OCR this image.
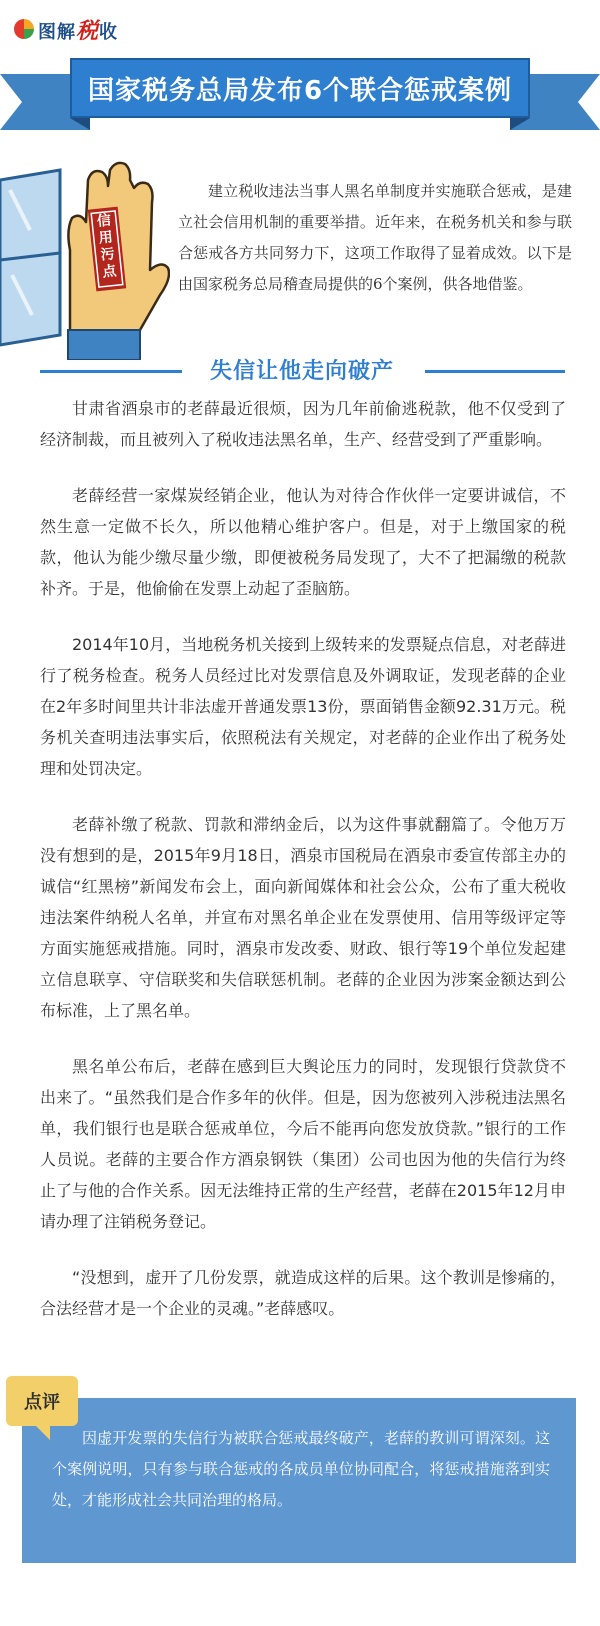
图解税收
国家税务总局发布6个联合惩戒案例
信用污点
建立税收违法当事人黑名单制度并实施联合惩戒，是建立社会信用机制的重要举措。近年来，在税务机关和参与联合惩戒各方共同努力下，这项工作取得了显着成效。以下是由国家税务总局稽查局提供的6个案例，供各地借鉴。
失信让他走向破产

甘肃省酒泉市的老薛最近很烦，因为几年前偷逃税款，他不仅受到了经济制裁，而且被列入了税收违法黑名单，生产、经营受到了严重影响。

老薛经营一家煤炭经销企业，他认为对待合作伙伴一定要讲诚信，不然生意一定做不长久，所以他精心维护客户。但是，对于上缴国家的税款，他认为能少缴尽量少缴，即便被税务局发现了，大不了把漏缴的税款补齐。于是，他偷偷在发票上动起了歪脑筋。

2014年10月，当地税务机关接到上级转来的发票疑点信息，对老薛进行了税务检查。税务人员经过比对发票信息及外调取证，发现老薛的企业在2年多时间里共计非法虚开普通发票13份，票面销售金额92.31万元。税务机关查明违法事实后，依照税法有关规定，对老薛的企业作出了税务处理和处罚决定。

老薛补缴了税款、罚款和滞纳金后，以为这件事就翻篇了。令他万万没有想到的是，2015年9月18日，酒泉市国税局在酒泉市委宣传部主办的诚信“红黑榜”新闻发布会上，面向新闻媒体和社会公众，公布了重大税收违法案件纳税人名单，并宣布对黑名单企业在发票使用、信用等级评定等方面实施惩戒措施。同时，酒泉市发改委、财政、银行等19个单位发起建立信息联享、守信联奖和失信联惩机制。老薛的企业因为涉案金额达到公布标准，上了黑名单。

黑名单公布后，老薛在感到巨大舆论压力的同时，发现银行贷款贷不出来了。“虽然我们是合作多年的伙伴。但是，因为您被列入涉税违法黑名单，我们银行也是联合惩戒单位，今后不能再向您发放贷款。”银行的工作人员说。老薛的主要合作方酒泉钢铁（集团）公司也因为他的失信行为终止了与他的合作关系。因无法维持正常的生产经营，老薛在2015年12月申请办理了注销税务登记。

“没想到，虚开了几份发票，就造成这样的后果。这个教训是惨痛的，合法经营才是一个企业的灵魂。”老薛感叹。

因虚开发票的失信行为被联合惩戒最终破产，老薛的教训可谓深刻。这个案例说明，只有参与联合惩戒的各成员单位协同配合，将惩戒措施落到实处，才能形成社会共同治理的格局。
点评
